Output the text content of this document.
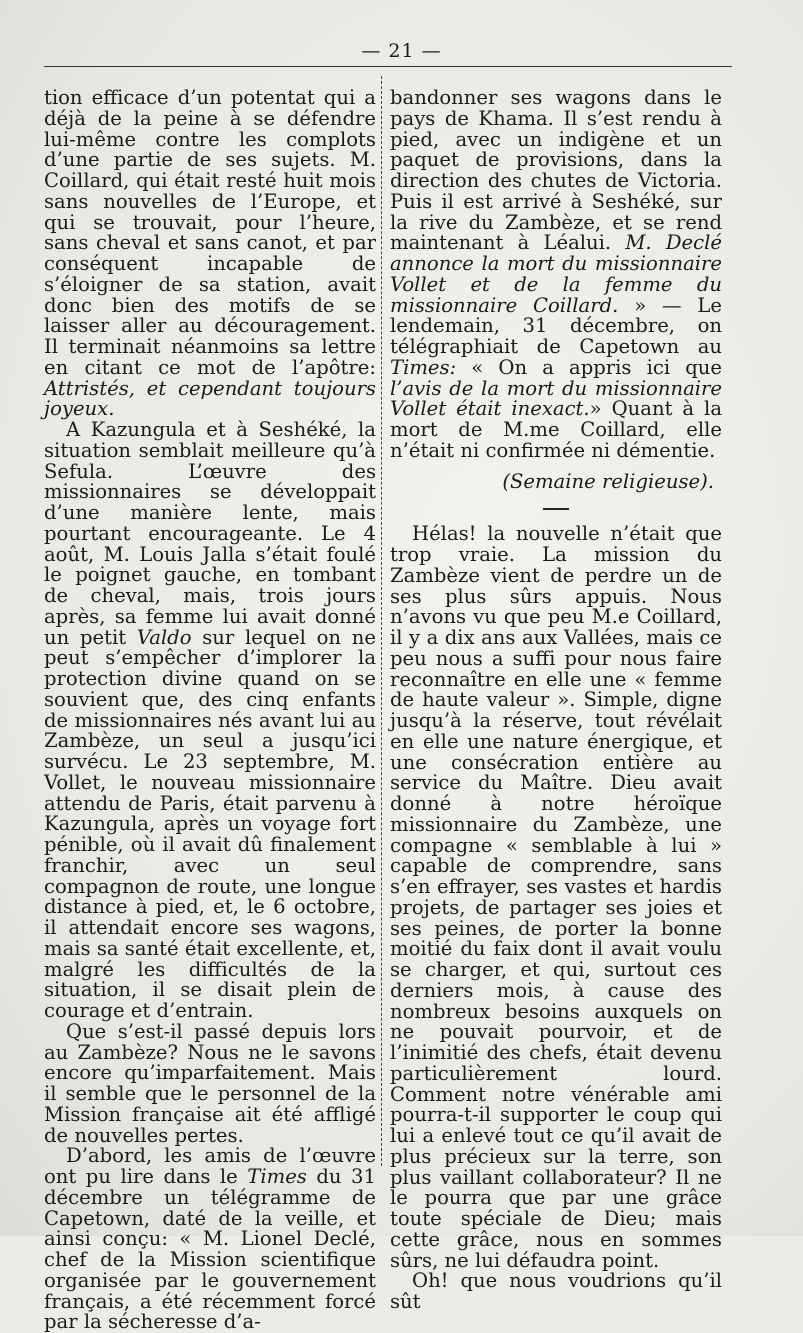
— 21 —

tion efficace d’un potentat qui a déjà de la peine à se défendre lui-même contre les complots d’une partie de ses sujets. M. Coillard, qui était resté huit mois sans nouvelles de l’Europe, et qui se trouvait, pour l’heure, sans cheval et sans canot, et par conséquent incapable de s’éloigner de sa station, avait donc bien des motifs de se laisser aller au découragement. Il terminait néanmoins sa lettre en citant ce mot de l’apôtre: Attristés, et cependant toujours joyeux.

A Kazungula et à Seshéké, la situation semblait meilleure qu’à Sefula. L’œuvre des missionnaires se développait d’une manière lente, mais pourtant encourageante. Le 4 août, M. Louis Jalla s’était foulé le poignet gauche, en tombant de cheval, mais, trois jours après, sa femme lui avait donné un petit Valdo sur lequel on ne peut s’empêcher d’implorer la protection divine quand on se souvient que, des cinq enfants de missionnaires nés avant lui au Zambèze, un seul a jusqu’ici survécu. Le 23 septembre, M. Vollet, le nouveau missionnaire attendu de Paris, était parvenu à Kazungula, après un voyage fort pénible, où il avait dû finalement franchir, avec un seul compagnon de route, une longue distance à pied, et, le 6 octobre, il attendait encore ses wagons, mais sa santé était excellente, et, malgré les difficultés de la situation, il se disait plein de courage et d’entrain.

Que s’est-il passé depuis lors au Zambèze? Nous ne le savons encore qu’imparfaitement. Mais il semble que le personnel de la Mission française ait été affligé de nouvelles pertes.

D’abord, les amis de l’œuvre ont pu lire dans le Times du 31 décembre un télégramme de Capetown, daté de la veille, et ainsi conçu: « M. Lionel Declé, chef de la Mission scientifique organisée par le gouvernement français, a été récemment forcé par la sécheresse d’a-

bandonner ses wagons dans le pays de Khama. Il s’est rendu à pied, avec un indigène et un paquet de provisions, dans la direction des chutes de Victoria. Puis il est arrivé à Seshéké, sur la rive du Zambèze, et se rend maintenant à Léalui. M. Declé annonce la mort du missionnaire Vollet et de la femme du missionnaire Coillard. » — Le lendemain, 31 décembre, on télégraphiait de Capetown au Times: « On a appris ici que l’avis de la mort du missionnaire Vollet était inexact.» Quant à la mort de M.me Coillard, elle n’était ni confirmée ni démentie.

(Semaine religieuse).

Hélas! la nouvelle n’était que trop vraie. La mission du Zambèze vient de perdre un de ses plus sûrs appuis. Nous n’avons vu que peu M.e Coillard, il y a dix ans aux Vallées, mais ce peu nous a suffi pour nous faire reconnaître en elle une « femme de haute valeur ». Simple, digne jusqu’à la réserve, tout révélait en elle une nature énergique, et une consécration entière au service du Maître. Dieu avait donné à notre héroïque missionnaire du Zambèze, une compagne « semblable à lui » capable de comprendre, sans s’en effrayer, ses vastes et hardis projets, de partager ses joies et ses peines, de porter la bonne moitié du faix dont il avait voulu se charger, et qui, surtout ces derniers mois, à cause des nombreux besoins auxquels on ne pouvait pourvoir, et de l’inimitié des chefs, était devenu particulièrement lourd. Comment notre vénérable ami pourra-t-il supporter le coup qui lui a enlevé tout ce qu’il avait de plus précieux sur la terre, son plus vaillant collaborateur? Il ne le pourra que par une grâce toute spéciale de Dieu; mais cette grâce, nous en sommes sûrs, ne lui défaudra point.

Oh! que nous voudrions qu’il sût
